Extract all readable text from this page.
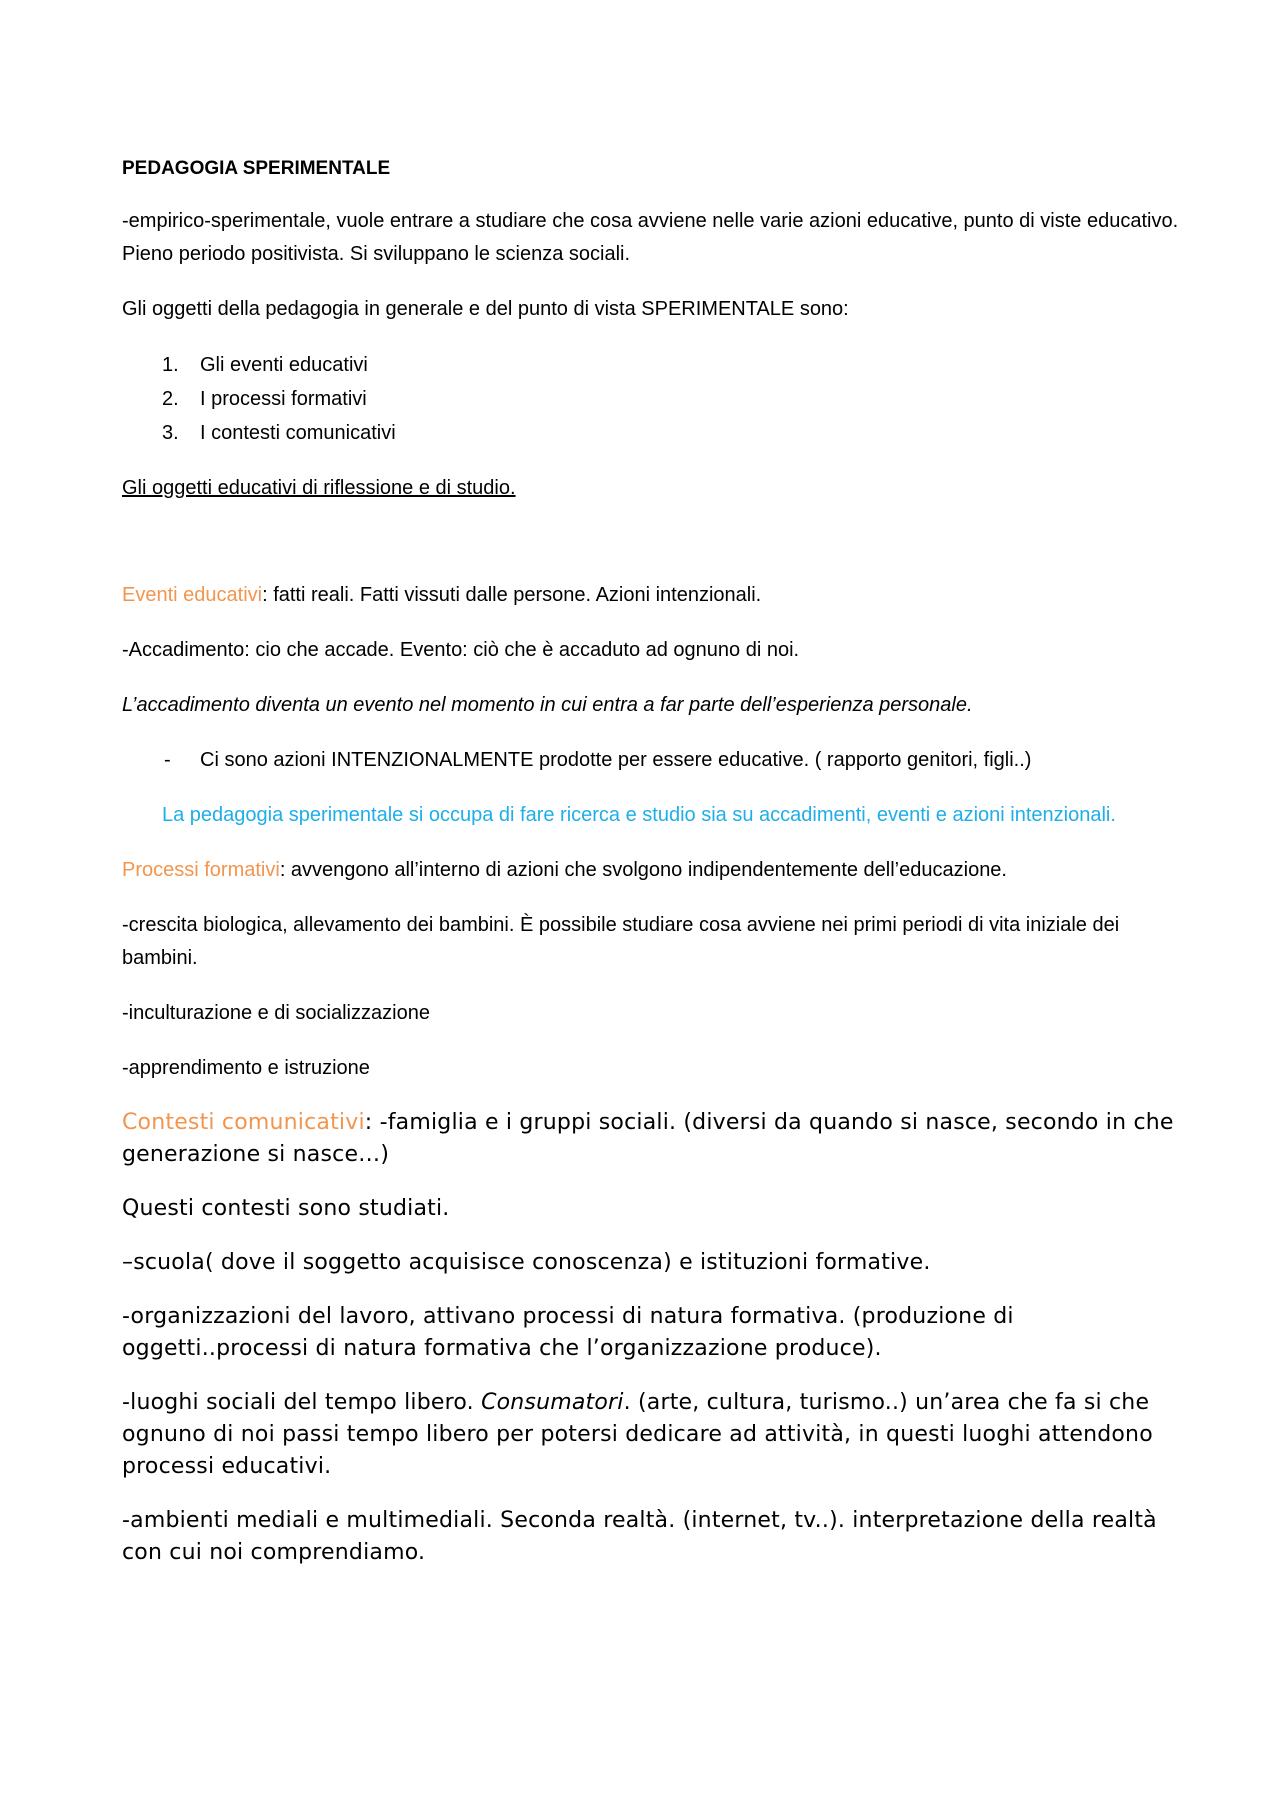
PEDAGOGIA SPERIMENTALE
-empirico-sperimentale, vuole entrare a studiare che cosa avviene nelle varie azioni educative, punto di viste educativo. Pieno periodo positivista. Si sviluppano le scienza sociali.
Gli oggetti della pedagogia in generale e del punto di vista SPERIMENTALE sono:
1.	Gli eventi educativi
2.	I processi formativi
3.	I contesti comunicativi
Gli oggetti educativi di riflessione e di studio.
Eventi educativi: fatti reali. Fatti vissuti dalle persone. Azioni intenzionali.
-Accadimento: cio che accade. Evento: ciò che è accaduto ad ognuno di noi.
L’accadimento diventa un evento nel momento in cui entra a far parte dell’esperienza personale.
-	Ci sono azioni INTENZIONALMENTE prodotte per essere educative. ( rapporto genitori, figli..)
La pedagogia sperimentale si occupa di fare ricerca e studio sia su accadimenti, eventi e azioni intenzionali.
Processi formativi: avvengono all’interno di azioni che svolgono indipendentemente dell’educazione.
-crescita biologica, allevamento dei bambini. È possibile studiare cosa avviene nei primi periodi di vita iniziale dei bambini.
-inculturazione e di socializzazione
-apprendimento e istruzione
Contesti comunicativi: -famiglia e i gruppi sociali. (diversi da quando si nasce, secondo in che generazione si nasce…)
Questi contesti sono studiati.
–scuola( dove il soggetto acquisisce conoscenza) e istituzioni formative.
-organizzazioni del lavoro, attivano processi di natura formativa. (produzione di oggetti..processi di natura formativa che l’organizzazione produce).
-luoghi sociali del tempo libero. Consumatori. (arte, cultura, turismo..) un’area che fa si che ognuno di noi passi tempo libero per potersi dedicare ad attività, in questi luoghi attendono processi educativi.
-ambienti mediali e multimediali. Seconda realtà. (internet, tv..). interpretazione della realtà con cui noi comprendiamo.
